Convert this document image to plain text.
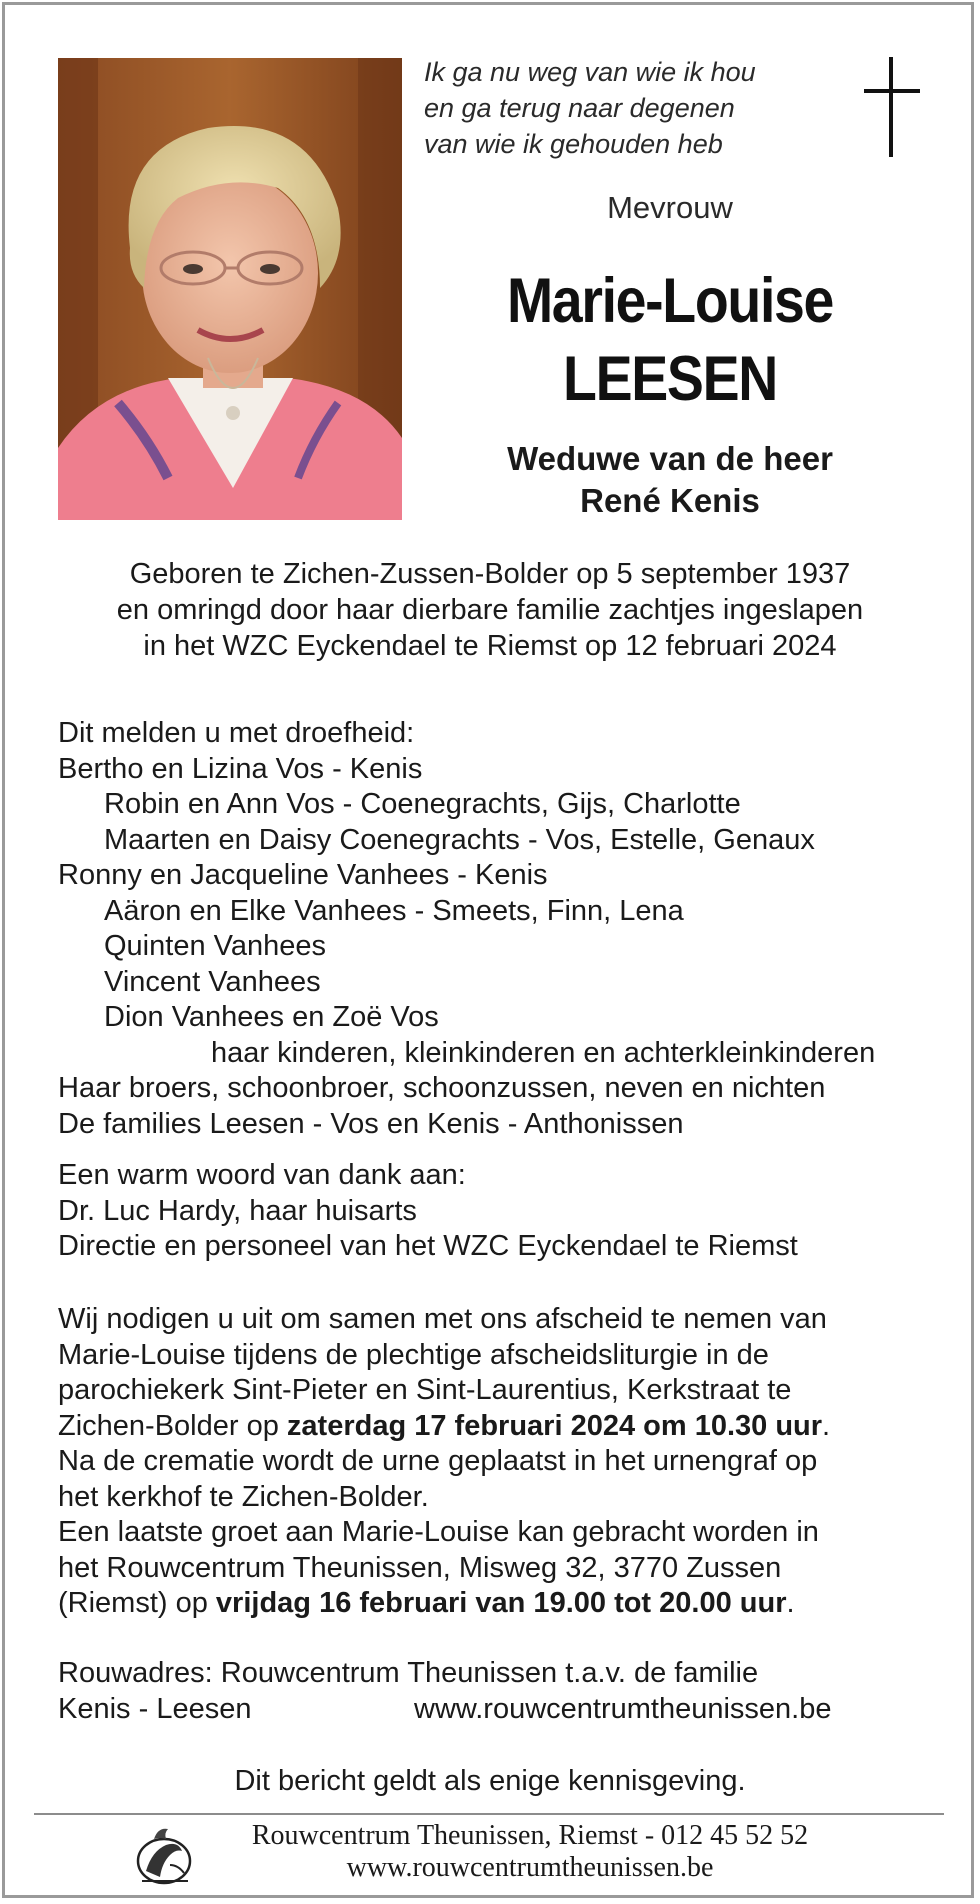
Ik ga nu weg van wie ik hou
en ga terug naar degenen
van wie ik gehouden heb
Mevrouw
Marie-Louise
LEESEN
Weduwe van de heer
René Kenis
Geboren te Zichen-Zussen-Bolder op 5 september 1937
en omringd door haar dierbare familie zachtjes ingeslapen
in het WZC Eyckendael te Riemst op 12 februari 2024
Dit melden u met droefheid:
Bertho en Lizina Vos - Kenis
Robin en Ann Vos - Coenegrachts, Gijs, Charlotte
Maarten en Daisy Coenegrachts - Vos, Estelle, Genaux
Ronny en Jacqueline Vanhees - Kenis
Aäron en Elke Vanhees - Smeets, Finn, Lena
Quinten Vanhees
Vincent Vanhees
Dion Vanhees en Zoë Vos
haar kinderen, kleinkinderen en achterkleinkinderen
Haar broers, schoonbroer, schoonzussen, neven en nichten
De families Leesen - Vos en Kenis - Anthonissen
Een warm woord van dank aan:
Dr. Luc Hardy, haar huisarts
Directie en personeel van het WZC Eyckendael te Riemst
Wij nodigen u uit om samen met ons afscheid te nemen van
Marie-Louise tijdens de plechtige afscheidsliturgie in de
parochiekerk Sint-Pieter en Sint-Laurentius, Kerkstraat te
Zichen-Bolder op zaterdag 17 februari 2024 om 10.30 uur.
Na de crematie wordt de urne geplaatst in het urnengraf op
het kerkhof te Zichen-Bolder.
Een laatste groet aan Marie-Louise kan gebracht worden in
het Rouwcentrum Theunissen, Misweg 32, 3770 Zussen
(Riemst) op vrijdag 16 februari van 19.00 tot 20.00 uur.
Rouwadres: Rouwcentrum Theunissen t.a.v. de familie
Kenis - Leesen	www.rouwcentrumtheunissen.be
Dit bericht geldt als enige kennisgeving.
Rouwcentrum Theunissen, Riemst - 012 45 52 52
www.rouwcentrumtheunissen.be
